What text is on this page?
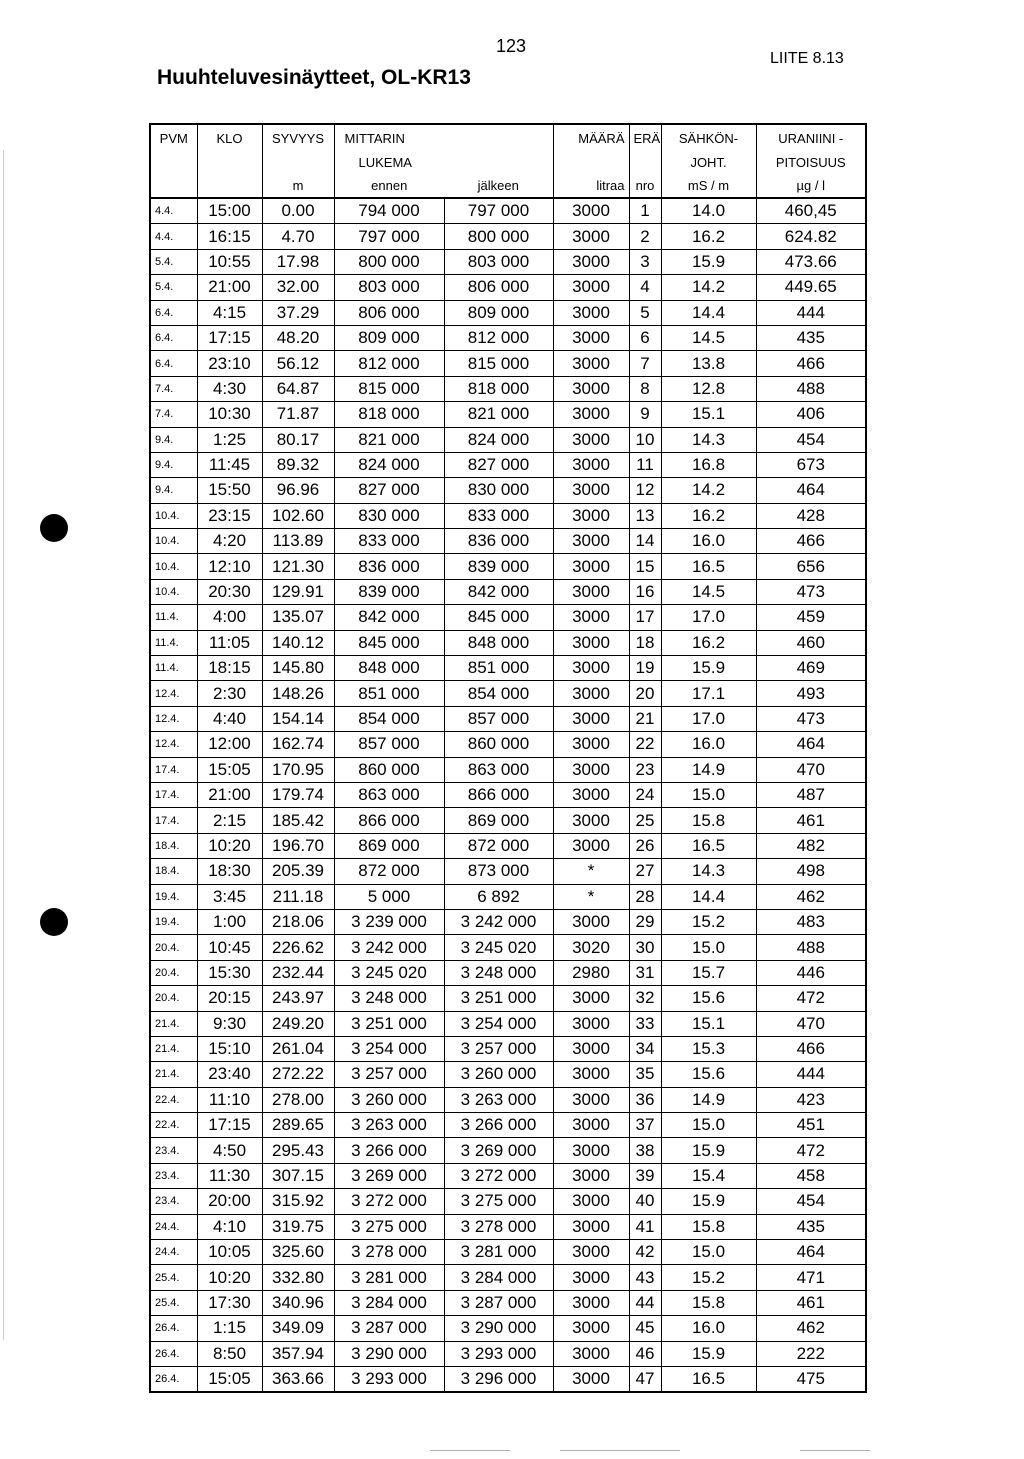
123
LIITE 8.13
Huuhteluvesinäytteet, OL-KR13
PVM	KLO	SYVYYS	MITTARIN		MÄÄRÄ	ERÄ	SÄHKÖN-	URANIINI -
			LUKEMA				JOHT.	PITOISUUS
		m	ennen	jälkeen	litraa	nro	mS / m	µg / l
4.4.	15:00	0.00	794 000	797 000	3000	1	14.0	460,45
4.4.	16:15	4.70	797 000	800 000	3000	2	16.2	624.82
5.4.	10:55	17.98	800 000	803 000	3000	3	15.9	473.66
5.4.	21:00	32.00	803 000	806 000	3000	4	14.2	449.65
6.4.	4:15	37.29	806 000	809 000	3000	5	14.4	444
6.4.	17:15	48.20	809 000	812 000	3000	6	14.5	435
6.4.	23:10	56.12	812 000	815 000	3000	7	13.8	466
7.4.	4:30	64.87	815 000	818 000	3000	8	12.8	488
7.4.	10:30	71.87	818 000	821 000	3000	9	15.1	406
9.4.	1:25	80.17	821 000	824 000	3000	10	14.3	454
9.4.	11:45	89.32	824 000	827 000	3000	11	16.8	673
9.4.	15:50	96.96	827 000	830 000	3000	12	14.2	464
10.4.	23:15	102.60	830 000	833 000	3000	13	16.2	428
10.4.	4:20	113.89	833 000	836 000	3000	14	16.0	466
10.4.	12:10	121.30	836 000	839 000	3000	15	16.5	656
10.4.	20:30	129.91	839 000	842 000	3000	16	14.5	473
11.4.	4:00	135.07	842 000	845 000	3000	17	17.0	459
11.4.	11:05	140.12	845 000	848 000	3000	18	16.2	460
11.4.	18:15	145.80	848 000	851 000	3000	19	15.9	469
12.4.	2:30	148.26	851 000	854 000	3000	20	17.1	493
12.4.	4:40	154.14	854 000	857 000	3000	21	17.0	473
12.4.	12:00	162.74	857 000	860 000	3000	22	16.0	464
17.4.	15:05	170.95	860 000	863 000	3000	23	14.9	470
17.4.	21:00	179.74	863 000	866 000	3000	24	15.0	487
17.4.	2:15	185.42	866 000	869 000	3000	25	15.8	461
18.4.	10:20	196.70	869 000	872 000	3000	26	16.5	482
18.4.	18:30	205.39	872 000	873 000	*	27	14.3	498
19.4.	3:45	211.18	5 000	6 892	*	28	14.4	462
19.4.	1:00	218.06	3 239 000	3 242 000	3000	29	15.2	483
20.4.	10:45	226.62	3 242 000	3 245 020	3020	30	15.0	488
20.4.	15:30	232.44	3 245 020	3 248 000	2980	31	15.7	446
20.4.	20:15	243.97	3 248 000	3 251 000	3000	32	15.6	472
21.4.	9:30	249.20	3 251 000	3 254 000	3000	33	15.1	470
21.4.	15:10	261.04	3 254 000	3 257 000	3000	34	15.3	466
21.4.	23:40	272.22	3 257 000	3 260 000	3000	35	15.6	444
22.4.	11:10	278.00	3 260 000	3 263 000	3000	36	14.9	423
22.4.	17:15	289.65	3 263 000	3 266 000	3000	37	15.0	451
23.4.	4:50	295.43	3 266 000	3 269 000	3000	38	15.9	472
23.4.	11:30	307.15	3 269 000	3 272 000	3000	39	15.4	458
23.4.	20:00	315.92	3 272 000	3 275 000	3000	40	15.9	454
24.4.	4:10	319.75	3 275 000	3 278 000	3000	41	15.8	435
24.4.	10:05	325.60	3 278 000	3 281 000	3000	42	15.0	464
25.4.	10:20	332.80	3 281 000	3 284 000	3000	43	15.2	471
25.4.	17:30	340.96	3 284 000	3 287 000	3000	44	15.8	461
26.4.	1:15	349.09	3 287 000	3 290 000	3000	45	16.0	462
26.4.	8:50	357.94	3 290 000	3 293 000	3000	46	15.9	222
26.4.	15:05	363.66	3 293 000	3 296 000	3000	47	16.5	475
